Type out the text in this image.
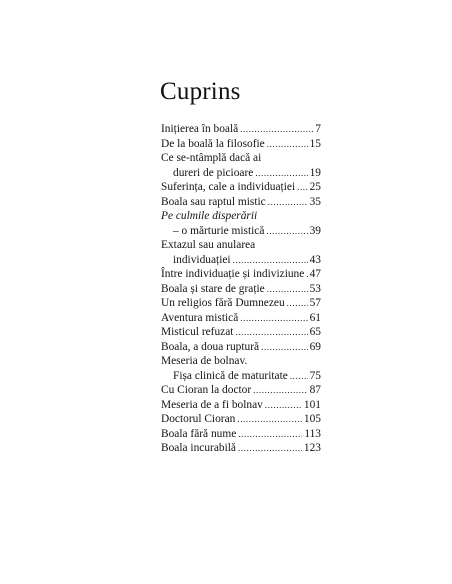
Cuprins
Inițierea în boală .....	7
De la boală la filosofie .....	15
Ce se-ntâmplă dacă ai
dureri de picioare .....	19
Suferința, cale a individuației ..... 25
Boala sau raptul mistic .....	35
Pe culmile disperării
– o mărturie mistică .....	39
Extazul sau anularea
individuației .....	43
Între individuație și indiviziune ..... 47
Boala și stare de grație .....	53
Un religios fără Dumnezeu ..... 57
Aventura mistică .....	61
Misticul refuzat .....	65
Boala, a doua ruptură .....	69
Meseria de bolnav.
Fișa clinică de maturitate ..... 75
Cu Cioran la doctor .....	87
Meseria de a fi bolnav .....	101
Doctorul Cioran .....	105
Boala fără nume .....	113
Boala incurabilă .....	123
